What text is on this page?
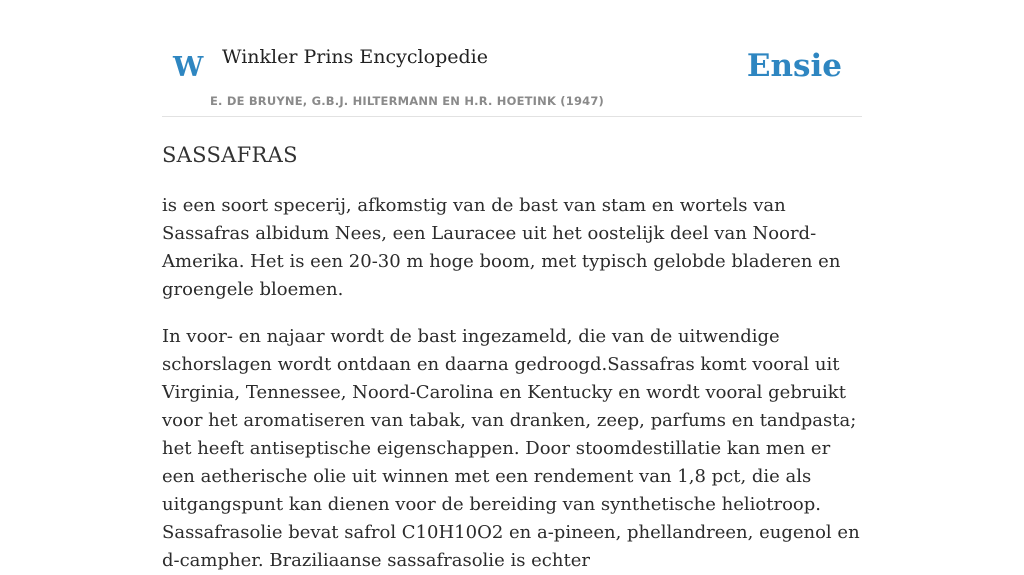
W Winkler Prins Encyclopedie
E. DE BRUYNE, G.B.J. HILTERMANN EN H.R. HOETINK (1947)
Ensie
SASSAFRAS

is een soort specerij, afkomstig van de bast van stam en wortels van Sassafras albidum Nees, een Lauracee uit het oostelijk deel van Noord-Amerika. Het is een 20-30 m hoge boom, met typisch gelobde bladeren en groengele bloemen.

In voor- en najaar wordt de bast ingezameld, die van de uitwendige schorslagen wordt ontdaan en daarna gedroogd.Sassafras komt vooral uit Virginia, Tennessee, Noord-Carolina en Kentucky en wordt vooral gebruikt voor het aromatiseren van tabak, van dranken, zeep, parfums en tandpasta; het heeft antiseptische eigenschappen. Door stoomdestillatie kan men er een aetherische olie uit winnen met een rendement van 1,8 pct, die als uitgangspunt kan dienen voor de bereiding van synthetische heliotroop. Sassafrasolie bevat safrol C10H10O2 en a-pineen, phellandreen, eugenol en d-campher. Braziliaanse sassafrasolie is echter
